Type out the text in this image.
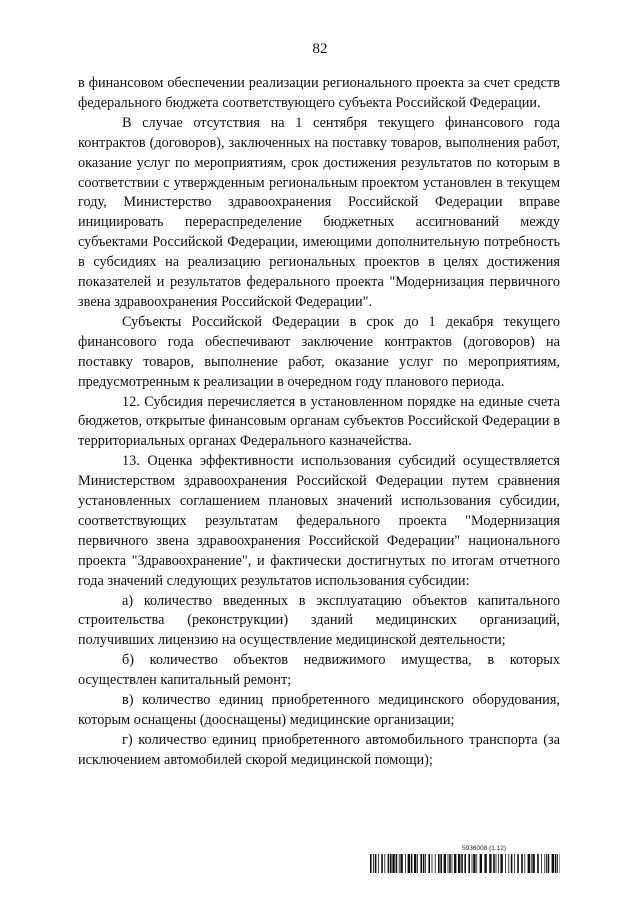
82

в финансовом обеспечении реализации регионального проекта за счет средств федерального бюджета соответствующего субъекта Российской Федерации.

В случае отсутствия на 1 сентября текущего финансового года контрактов (договоров), заключенных на поставку товаров, выполнения работ, оказание услуг по мероприятиям, срок достижения результатов по которым в соответствии с утвержденным региональным проектом установлен в текущем году, Министерство здравоохранения Российской Федерации вправе инициировать перераспределение бюджетных ассигнований между субъектами Российской Федерации, имеющими дополнительную потребность в субсидиях на реализацию региональных проектов в целях достижения показателей и результатов федерального проекта "Модернизация первичного звена здравоохранения Российской Федерации".

Субъекты Российской Федерации в срок до 1 декабря текущего финансового года обеспечивают заключение контрактов (договоров) на поставку товаров, выполнение работ, оказание услуг по мероприятиям, предусмотренным к реализации в очередном году планового периода.

12. Субсидия перечисляется в установленном порядке на единые счета бюджетов, открытые финансовым органам субъектов Российской Федерации в территориальных органах Федерального казначейства.

13. Оценка эффективности использования субсидий осуществляется Министерством здравоохранения Российской Федерации путем сравнения установленных соглашением плановых значений использования субсидии, соответствующих результатам федерального проекта "Модернизация первичного звена здравоохранения Российской Федерации" национального проекта "Здравоохранение", и фактически достигнутых по итогам отчетного года значений следующих результатов использования субсидии:

а) количество введенных в эксплуатацию объектов капитального строительства (реконструкции) зданий медицинских организаций, получивших лицензию на осуществление медицинской деятельности;

б) количество объектов недвижимого имущества, в которых осуществлен капитальный ремонт;

в) количество единиц приобретенного медицинского оборудования, которым оснащены (дооснащены) медицинские организации;

г) количество единиц приобретенного автомобильного транспорта (за исключением автомобилей скорой медицинской помощи);

5936008 (1.12)
